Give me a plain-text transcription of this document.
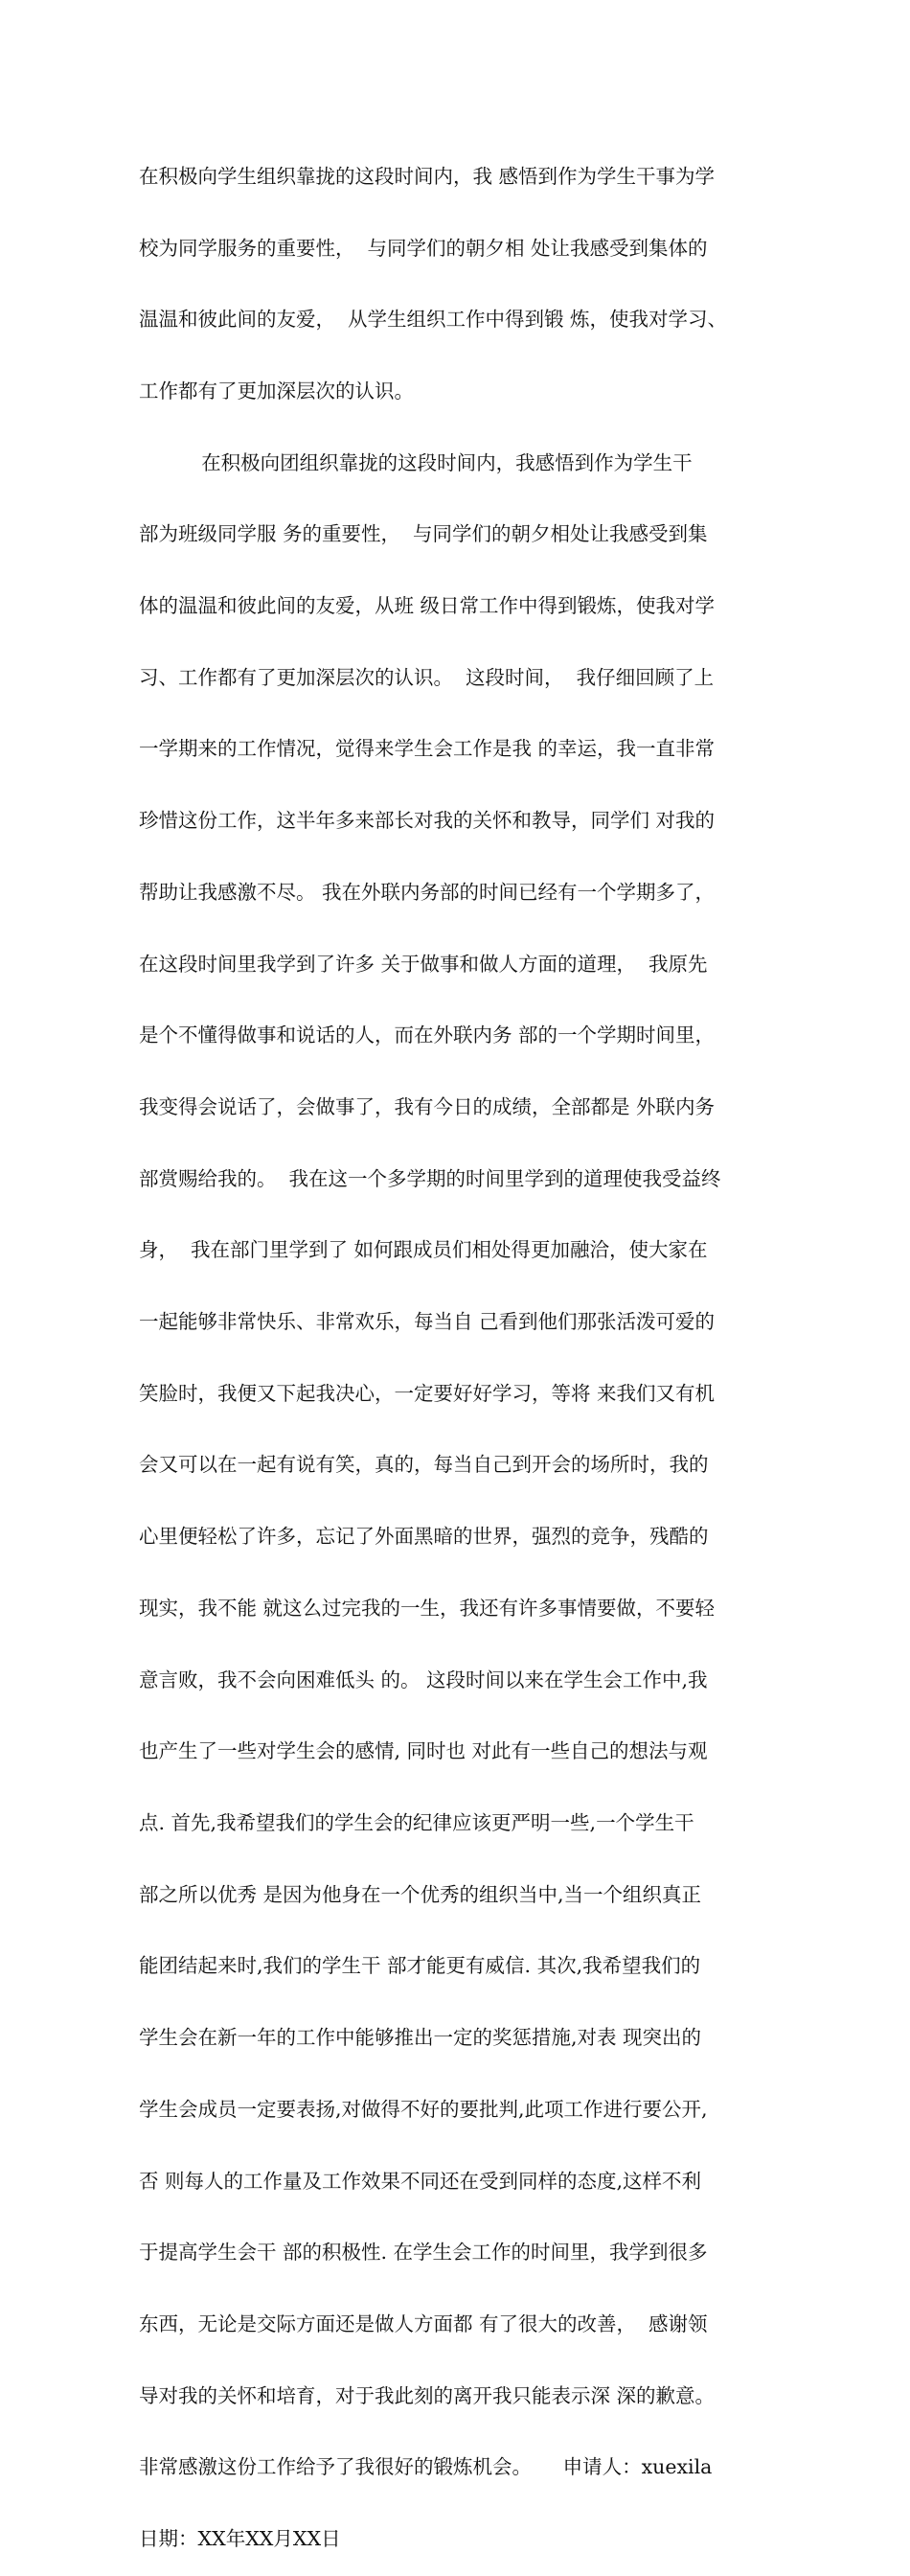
在积极向学生组织靠拢的这段时间内，我 感悟到作为学生干事为学

校为同学服务的重要性，  与同学们的朝夕相 处让我感受到集体的

温温和彼此间的友爱，  从学生组织工作中得到锻 炼，使我对学习、

工作都有了更加深层次的认识。

在积极向团组织靠拢的这段时间内，我感悟到作为学生干

部为班级同学服 务的重要性，  与同学们的朝夕相处让我感受到集

体的温温和彼此间的友爱，从班 级日常工作中得到锻炼，使我对学

习、工作都有了更加深层次的认识。  这段时间，  我仔细回顾了上

一学期来的工作情况，觉得来学生会工作是我 的幸运，我一直非常

珍惜这份工作，这半年多来部长对我的关怀和教导，同学们 对我的

帮助让我感激不尽。 我在外联内务部的时间已经有一个学期多了，

在这段时间里我学到了许多 关于做事和做人方面的道理，  我原先

是个不懂得做事和说话的人，而在外联内务 部的一个学期时间里，

我变得会说话了，会做事了，我有今日的成绩，全部都是 外联内务

部赏赐给我的。  我在这一个多学期的时间里学到的道理使我受益终

身，  我在部门里学到了 如何跟成员们相处得更加融洽，使大家在

一起能够非常快乐、非常欢乐，每当自 己看到他们那张活泼可爱的

笑脸时，我便又下起我决心，一定要好好学习，等将 来我们又有机

会又可以在一起有说有笑，真的，每当自己到开会的场所时，我的

心里便轻松了许多，忘记了外面黑暗的世界，强烈的竞争，残酷的

现实，我不能 就这么过完我的一生，我还有许多事情要做，不要轻

意言败，我不会向困难低头 的。 这段时间以来在学生会工作中,我

也产生了一些对学生会的感情, 同时也 对此有一些自己的想法与观

点. 首先,我希望我们的学生会的纪律应该更严明一些,一个学生干

部之所以优秀 是因为他身在一个优秀的组织当中,当一个组织真正

能团结起来时,我们的学生干 部才能更有威信. 其次,我希望我们的

学生会在新一年的工作中能够推出一定的奖惩措施,对表 现突出的

学生会成员一定要表扬,对做得不好的要批判,此项工作进行要公开,

否 则每人的工作量及工作效果不同还在受到同样的态度,这样不利

于提高学生会干 部的积极性. 在学生会工作的时间里，我学到很多

东西，无论是交际方面还是做人方面都 有了很大的改善，  感谢领

导对我的关怀和培育，对于我此刻的离开我只能表示深 深的歉意。

非常感激这份工作给予了我很好的锻炼机会。     申请人：xuexila

日期：XX年XX月XX日
